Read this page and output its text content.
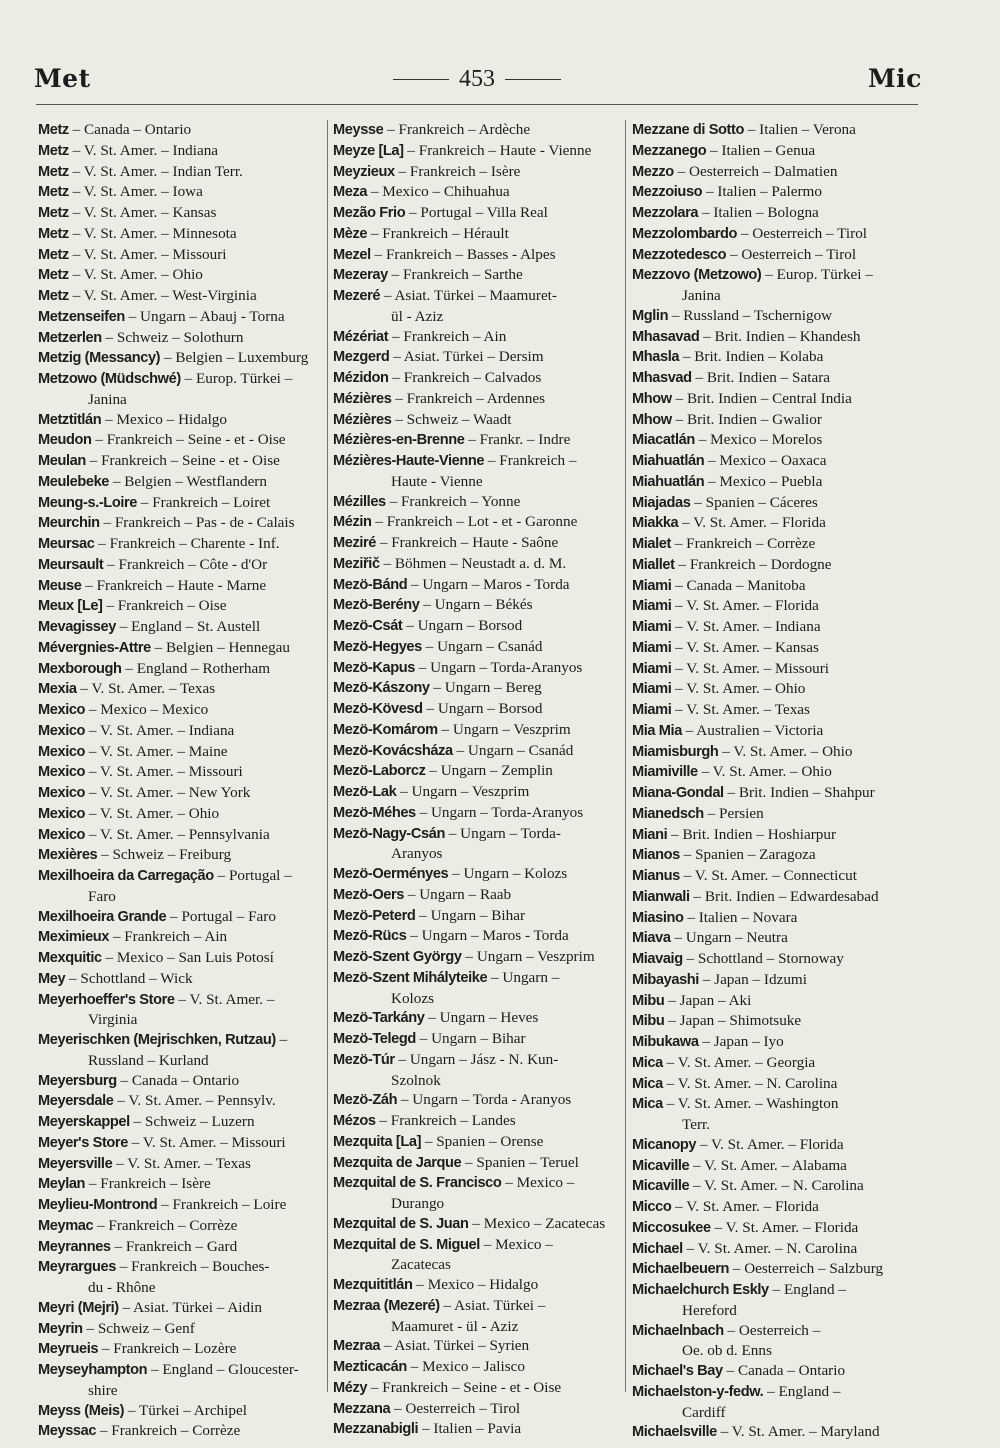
Met	453	Mic
Metz – Canada – Ontario
Metz – V. St. Amer. – Indiana
Metz – V. St. Amer. – Indian Terr.
Metz – V. St. Amer. – Iowa
Metz – V. St. Amer. – Kansas
Metz – V. St. Amer. – Minnesota
Metz – V. St. Amer. – Missouri
Metz – V. St. Amer. – Ohio
Metz – V. St. Amer. – West-Virginia
Metzenseifen – Ungarn – Abauj - Torna
Metzerlen – Schweiz – Solothurn
Metzig (Messancy) – Belgien – Luxemburg
Metzowo (Müdschwé) – Europ. Türkei –
Janina
Metztitlán – Mexico – Hidalgo
Meudon – Frankreich – Seine - et - Oise
Meulan – Frankreich – Seine - et - Oise
Meulebeke – Belgien – Westflandern
Meung-s.-Loire – Frankreich – Loiret
Meurchin – Frankreich – Pas - de - Calais
Meursac – Frankreich – Charente - Inf.
Meursault – Frankreich – Côte - d'Or
Meuse – Frankreich – Haute - Marne
Meux [Le] – Frankreich – Oise
Mevagissey – England – St. Austell
Mévergnies-Attre – Belgien – Hennegau
Mexborough – England – Rotherham
Mexia – V. St. Amer. – Texas
Mexico – Mexico – Mexico
Mexico – V. St. Amer. – Indiana
Mexico – V. St. Amer. – Maine
Mexico – V. St. Amer. – Missouri
Mexico – V. St. Amer. – New York
Mexico – V. St. Amer. – Ohio
Mexico – V. St. Amer. – Pennsylvania
Mexières – Schweiz – Freiburg
Mexilhoeira da Carregação – Portugal –
Faro
Mexilhoeira Grande – Portugal – Faro
Meximieux – Frankreich – Ain
Mexquitic – Mexico – San Luis Potosí
Mey – Schottland – Wick
Meyerhoeffer's Store – V. St. Amer. –
Virginia
Meyerischken (Mejrischken, Rutzau) –
Russland – Kurland
Meyersburg – Canada – Ontario
Meyersdale – V. St. Amer. – Pennsylv.
Meyerskappel – Schweiz – Luzern
Meyer's Store – V. St. Amer. – Missouri
Meyersville – V. St. Amer. – Texas
Meylan – Frankreich – Isère
Meylieu-Montrond – Frankreich – Loire
Meymac – Frankreich – Corrèze
Meyrannes – Frankreich – Gard
Meyrargues – Frankreich – Bouches-
du - Rhône
Meyri (Mejri) – Asiat. Türkei – Aidin
Meyrin – Schweiz – Genf
Meyrueis – Frankreich – Lozère
Meyseyhampton – England – Gloucester-
shire
Meyss (Meis) – Türkei – Archipel
Meyssac – Frankreich – Corrèze
Meysse – Frankreich – Ardèche
Meyze [La] – Frankreich – Haute - Vienne
Meyzieux – Frankreich – Isère
Meza – Mexico – Chihuahua
Mezão Frio – Portugal – Villa Real
Mèze – Frankreich – Hérault
Mezel – Frankreich – Basses - Alpes
Mezeray – Frankreich – Sarthe
Mezeré – Asiat. Türkei – Maamuret-
ül - Aziz
Mézériat – Frankreich – Ain
Mezgerd – Asiat. Türkei – Dersim
Mézidon – Frankreich – Calvados
Mézières – Frankreich – Ardennes
Mézières – Schweiz – Waadt
Mézières-en-Brenne – Frankr. – Indre
Mézières-Haute-Vienne – Frankreich –
Haute - Vienne
Mézilles – Frankreich – Yonne
Mézin – Frankreich – Lot - et - Garonne
Meziré – Frankreich – Haute - Saône
Meziřič – Böhmen – Neustadt a. d. M.
Mezö-Bánd – Ungarn – Maros - Torda
Mezö-Berény – Ungarn – Békés
Mezö-Csát – Ungarn – Borsod
Mezö-Hegyes – Ungarn – Csanád
Mezö-Kapus – Ungarn – Torda-Aranyos
Mezö-Kászony – Ungarn – Bereg
Mezö-Kövesd – Ungarn – Borsod
Mezö-Komárom – Ungarn – Veszprim
Mezö-Kovácsháza – Ungarn – Csanád
Mezö-Laborcz – Ungarn – Zemplin
Mezö-Lak – Ungarn – Veszprim
Mezö-Méhes – Ungarn – Torda-Aranyos
Mezö-Nagy-Csán – Ungarn – Torda-
Aranyos
Mezö-Oerményes – Ungarn – Kolozs
Mezö-Oers – Ungarn – Raab
Mezö-Peterd – Ungarn – Bihar
Mezö-Rücs – Ungarn – Maros - Torda
Mezö-Szent György – Ungarn – Veszprim
Mezö-Szent Mihályteike – Ungarn –
Kolozs
Mezö-Tarkány – Ungarn – Heves
Mezö-Telegd – Ungarn – Bihar
Mezö-Túr – Ungarn – Jász - N. Kun-
Szolnok
Mezö-Záh – Ungarn – Torda - Aranyos
Mézos – Frankreich – Landes
Mezquita [La] – Spanien – Orense
Mezquita de Jarque – Spanien – Teruel
Mezquital de S. Francisco – Mexico –
Durango
Mezquital de S. Juan – Mexico – Zacatecas
Mezquital de S. Miguel – Mexico –
Zacatecas
Mezquititlán – Mexico – Hidalgo
Mezraa (Mezeré) – Asiat. Türkei –
Maamuret - ül - Aziz
Mezraa – Asiat. Türkei – Syrien
Mezticacán – Mexico – Jalisco
Mézy – Frankreich – Seine - et - Oise
Mezzana – Oesterreich – Tirol
Mezzanabigli – Italien – Pavia
Mezzane di Sotto – Italien – Verona
Mezzanego – Italien – Genua
Mezzo – Oesterreich – Dalmatien
Mezzoiuso – Italien – Palermo
Mezzolara – Italien – Bologna
Mezzolombardo – Oesterreich – Tirol
Mezzotedesco – Oesterreich – Tirol
Mezzovo (Metzowo) – Europ. Türkei –
Janina
Mglin – Russland – Tschernigow
Mhasavad – Brit. Indien – Khandesh
Mhasla – Brit. Indien – Kolaba
Mhasvad – Brit. Indien – Satara
Mhow – Brit. Indien – Central India
Mhow – Brit. Indien – Gwalior
Miacatlán – Mexico – Morelos
Miahuatlán – Mexico – Oaxaca
Miahuatlán – Mexico – Puebla
Miajadas – Spanien – Cáceres
Miakka – V. St. Amer. – Florida
Mialet – Frankreich – Corrèze
Miallet – Frankreich – Dordogne
Miami – Canada – Manitoba
Miami – V. St. Amer. – Florida
Miami – V. St. Amer. – Indiana
Miami – V. St. Amer. – Kansas
Miami – V. St. Amer. – Missouri
Miami – V. St. Amer. – Ohio
Miami – V. St. Amer. – Texas
Mia Mia – Australien – Victoria
Miamisburgh – V. St. Amer. – Ohio
Miamiville – V. St. Amer. – Ohio
Miana-Gondal – Brit. Indien – Shahpur
Mianedsch – Persien
Miani – Brit. Indien – Hoshiarpur
Mianos – Spanien – Zaragoza
Mianus – V. St. Amer. – Connecticut
Mianwali – Brit. Indien – Edwardesabad
Miasino – Italien – Novara
Miava – Ungarn – Neutra
Miavaig – Schottland – Stornoway
Mibayashi – Japan – Idzumi
Mibu – Japan – Aki
Mibu – Japan – Shimotsuke
Mibukawa – Japan – Iyo
Mica – V. St. Amer. – Georgia
Mica – V. St. Amer. – N. Carolina
Mica – V. St. Amer. – Washington
Terr.
Micanopy – V. St. Amer. – Florida
Micaville – V. St. Amer. – Alabama
Micaville – V. St. Amer. – N. Carolina
Micco – V. St. Amer. – Florida
Miccosukee – V. St. Amer. – Florida
Michael – V. St. Amer. – N. Carolina
Michaelbeuern – Oesterreich – Salzburg
Michaelchurch Eskly – England –
Hereford
Michaelnbach – Oesterreich –
Oe. ob d. Enns
Michael's Bay – Canada – Ontario
Michaelston-y-fedw. – England –
Cardiff
Michaelsville – V. St. Amer. – Maryland
